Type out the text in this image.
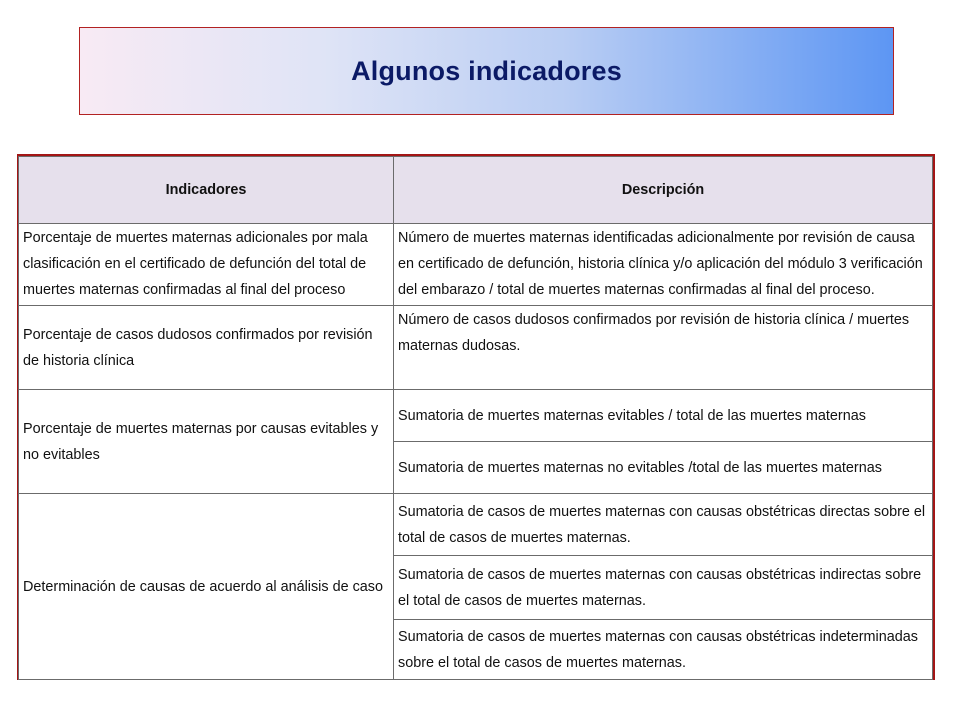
Algunos indicadores
Indicadores	Descripción
Porcentaje de muertes maternas adicionales por mala clasificación en el certificado de defunción del total de muertes maternas confirmadas al final del proceso	Número de muertes maternas identificadas adicionalmente por revisión de causa en certificado de defunción, historia clínica y/o aplicación del módulo 3 verificación del embarazo / total de muertes maternas confirmadas al final del proceso.
Porcentaje de casos dudosos confirmados por revisión de historia clínica	Número de casos dudosos confirmados por revisión de historia clínica / muertes maternas dudosas.
Porcentaje de muertes maternas por causas evitables y no evitables	Sumatoria de muertes maternas evitables / total de las muertes maternas
	Sumatoria de muertes maternas no evitables /total de las muertes maternas
Determinación de causas de acuerdo al análisis de caso	Sumatoria de casos de muertes maternas con causas obstétricas directas sobre el total de casos de muertes maternas.
	Sumatoria de casos de muertes maternas con causas obstétricas indirectas sobre el total de casos de muertes maternas.
	Sumatoria de casos de muertes maternas con causas obstétricas indeterminadas sobre el total de casos de muertes maternas.
